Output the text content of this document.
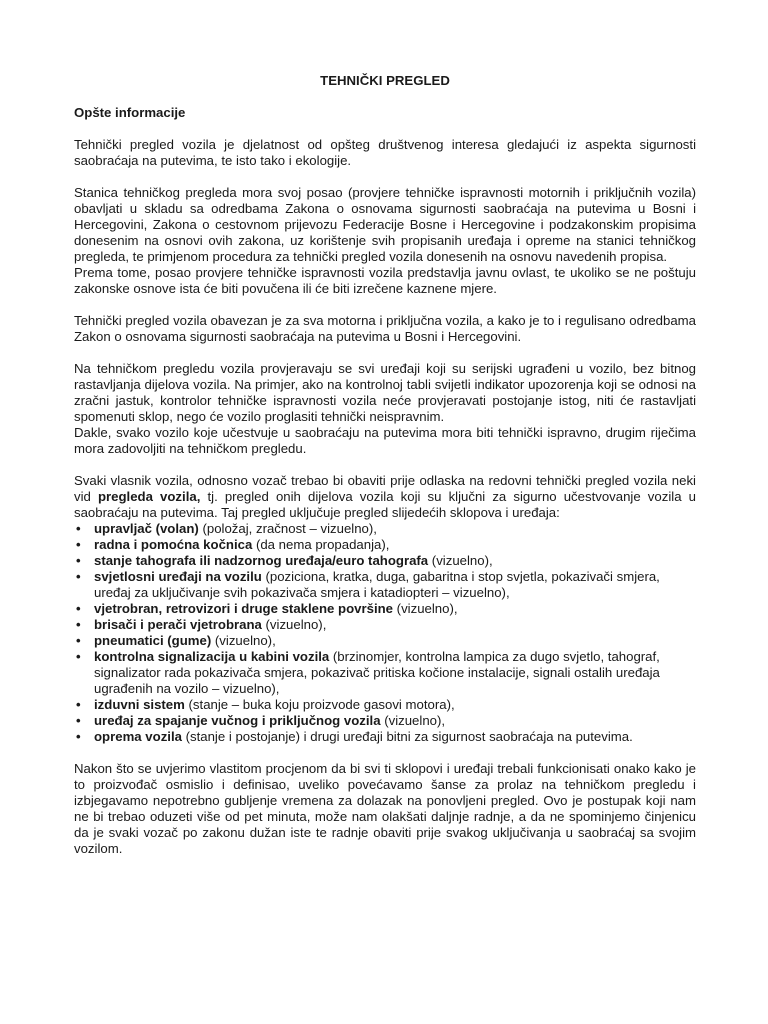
TEHNIČKI PREGLED
Opšte informacije

Tehnički pregled vozila je djelatnost od opšteg društvenog interesa gledajući iz aspekta sigurnosti saobraćaja na putevima, te isto tako i ekologije.

Stanica tehničkog pregleda mora svoj posao (provjere tehničke ispravnosti motornih i priključnih vozila) obavljati u skladu sa odredbama Zakona o osnovama sigurnosti saobraćaja na putevima u Bosni i Hercegovini, Zakona o cestovnom prijevozu Federacije Bosne i Hercegovine i podzakonskim propisima donesenim na osnovi ovih zakona, uz korištenje svih propisanih uređaja i opreme na stanici tehničkog pregleda, te primjenom procedura za tehnički pregled vozila donesenih na osnovu navedenih propisa.

Prema tome, posao provjere tehničke ispravnosti vozila predstavlja javnu ovlast, te ukoliko se ne poštuju zakonske osnove ista će biti povučena ili će biti izrečene kaznene mjere.

Tehnički pregled vozila obavezan je za sva motorna i priključna vozila, a kako je to i regulisano odredbama Zakon o osnovama sigurnosti saobraćaja na putevima u Bosni i Hercegovini.

Na tehničkom pregledu vozila provjeravaju se svi uređaji koji su serijski ugrađeni u vozilo, bez bitnog rastavljanja dijelova vozila. Na primjer, ako na kontrolnoj tabli svijetli indikator upozorenja koji se odnosi na zračni jastuk, kontrolor tehničke ispravnosti vozila neće provjeravati postojanje istog, niti će rastavljati spomenuti sklop, nego će vozilo proglasiti tehnički neispravnim.

Dakle, svako vozilo koje učestvuje u saobraćaju na putevima mora biti tehnički ispravno, drugim riječima mora zadovoljiti na tehničkom pregledu.

Svaki vlasnik vozila, odnosno vozač trebao bi obaviti prije odlaska na redovni tehnički pregled vozila neki vid pregleda vozila, tj. pregled onih dijelova vozila koji su ključni za sigurno učestvovanje vozila u saobraćaju na putevima. Taj pregled uključuje pregled slijedećih sklopova i uređaja:

• upravljač (volan) (položaj, zračnost – vizuelno),
• radna i pomoćna kočnica (da nema propadanja),
• stanje tahografa ili nadzornog uređaja/euro tahografa (vizuelno),
• svjetlosni uređaji na vozilu (poziciona, kratka, duga, gabaritna i stop svjetla, pokazivači smjera, uređaj za uključivanje svih pokazivača smjera i katadiopteri – vizuelno),
• vjetrobran, retrovizori i druge staklene površine (vizuelno),
• brisači i perači vjetrobrana (vizuelno),
• pneumatici (gume) (vizuelno),
• kontrolna signalizacija u kabini vozila (brzinomjer, kontrolna lampica za dugo svjetlo, tahograf, signalizator rada pokazivača smjera, pokazivač pritiska kočione instalacije, signali ostalih uređaja ugrađenih na vozilo – vizuelno),
• izduvni sistem (stanje – buka koju proizvode gasovi motora),
• uređaj za spajanje vučnog i priključnog vozila (vizuelno),
• oprema vozila (stanje i postojanje) i drugi uređaji bitni za sigurnost saobraćaja na putevima.

Nakon što se uvjerimo vlastitom procjenom da bi svi ti sklopovi i uređaji trebali funkcionisati onako kako je to proizvođač osmislio i definisao, uveliko povećavamo šanse za prolaz na tehničkom pregledu i izbjegavamo nepotrebno gubljenje vremena za dolazak na ponovljeni pregled. Ovo je postupak koji nam ne bi trebao oduzeti više od pet minuta, može nam olakšati daljnje radnje, a da ne spominjemo činjenicu da je svaki vozač po zakonu dužan iste te radnje obaviti prije svakog uključivanja u saobraćaj sa svojim vozilom.
